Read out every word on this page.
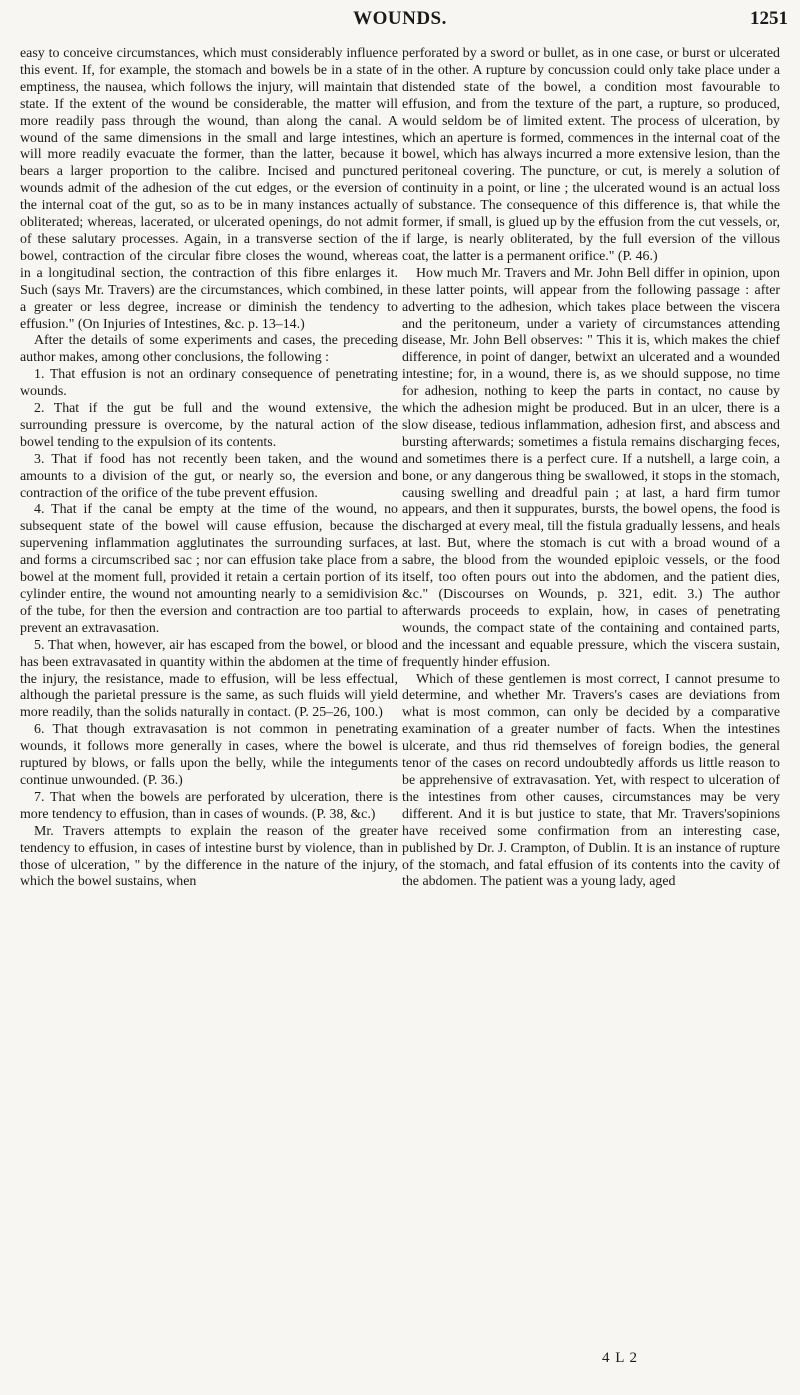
WOUNDS.	1251

easy to conceive circumstances, which must considerably influence this event. If, for example, the stomach and bowels be in a state of emptiness, the nausea, which follows the injury, will maintain that state. If the extent of the wound be considerable, the matter will more readily pass through the wound, than along the canal. A wound of the same dimensions in the small and large intestines, will more readily evacuate the former, than the latter, because it bears a larger proportion to the calibre. Incised and punctured wounds admit of the adhesion of the cut edges, or the eversion of the internal coat of the gut, so as to be in many instances actually obliterated; whereas, lacerated, or ulcerated openings, do not admit of these salutary processes. Again, in a transverse section of the bowel, contraction of the circular fibre closes the wound, whereas in a longitudinal section, the contraction of this fibre enlarges it. Such (says Mr. Travers) are the circumstances, which combined, in a greater or less degree, increase or diminish the tendency to effusion." (On Injuries of Intestines, &c. p. 13–14.)

After the details of some experiments and cases, the preceding author makes, among other conclusions, the following :

1. That effusion is not an ordinary consequence of penetrating wounds.

2. That if the gut be full and the wound extensive, the surrounding pressure is overcome, by the natural action of the bowel tending to the expulsion of its contents.

3. That if food has not recently been taken, and the wound amounts to a division of the gut, or nearly so, the eversion and contraction of the orifice of the tube prevent effusion.

4. That if the canal be empty at the time of the wound, no subsequent state of the bowel will cause effusion, because the supervening inflammation agglutinates the surrounding surfaces, and forms a circumscribed sac ; nor can effusion take place from a bowel at the moment full, provided it retain a certain portion of its cylinder entire, the wound not amounting nearly to a semidivision of the tube, for then the eversion and contraction are too partial to prevent an extravasation.

5. That when, however, air has escaped from the bowel, or blood has been extravasated in quantity within the abdomen at the time of the injury, the resistance, made to effusion, will be less effectual, although the parietal pressure is the same, as such fluids will yield more readily, than the solids naturally in contact. (P. 25–26, 100.)

6. That though extravasation is not common in penetrating wounds, it follows more generally in cases, where the bowel is ruptured by blows, or falls upon the belly, while the integuments continue unwounded. (P. 36.)

7. That when the bowels are perforated by ulceration, there is more tendency to effusion, than in cases of wounds. (P. 38, &c.)

Mr. Travers attempts to explain the reason of the greater tendency to effusion, in cases of intestine burst by violence, than in those of ulceration, " by the difference in the nature of the injury, which the bowel sustains, when

perforated by a sword or bullet, as in one case, or burst or ulcerated in the other. A rupture by concussion could only take place under a distended state of the bowel, a condition most favourable to effusion, and from the texture of the part, a rupture, so produced, would seldom be of limited extent. The process of ulceration, by which an aperture is formed, commences in the internal coat of the bowel, which has always incurred a more extensive lesion, than the peritoneal covering. The puncture, or cut, is merely a solution of continuity in a point, or line ; the ulcerated wound is an actual loss of substance. The consequence of this difference is, that while the former, if small, is glued up by the effusion from the cut vessels, or, if large, is nearly obliterated, by the full eversion of the villous coat, the latter is a permanent orifice." (P. 46.)

How much Mr. Travers and Mr. John Bell differ in opinion, upon these latter points, will appear from the following passage : after adverting to the adhesion, which takes place between the viscera and the peritoneum, under a variety of circumstances attending disease, Mr. John Bell observes: " This it is, which makes the chief difference, in point of danger, betwixt an ulcerated and a wounded intestine; for, in a wound, there is, as we should suppose, no time for adhesion, nothing to keep the parts in contact, no cause by which the adhesion might be produced. But in an ulcer, there is a slow disease, tedious inflammation, adhesion first, and abscess and bursting afterwards; sometimes a fistula remains discharging feces, and sometimes there is a perfect cure. If a nutshell, a large coin, a bone, or any dangerous thing be swallowed, it stops in the stomach, causing swelling and dreadful pain ; at last, a hard firm tumor appears, and then it suppurates, bursts, the bowel opens, the food is discharged at every meal, till the fistula gradually lessens, and heals at last. But, where the stomach is cut with a broad wound of a sabre, the blood from the wounded epiploic vessels, or the food itself, too often pours out into the abdomen, and the patient dies, &c." (Discourses on Wounds, p. 321, edit. 3.) The author afterwards proceeds to explain, how, in cases of penetrating wounds, the compact state of the containing and contained parts, and the incessant and equable pressure, which the viscera sustain, frequently hinder effusion.

Which of these gentlemen is most correct, I cannot presume to determine, and whether Mr. Travers's cases are deviations from what is most common, can only be decided by a comparative examination of a greater number of facts. When the intestines ulcerate, and thus rid themselves of foreign bodies, the general tenor of the cases on record undoubtedly affords us little reason to be apprehensive of extravasation. Yet, with respect to ulceration of the intestines from other causes, circumstances may be very different. And it is but justice to state, that Mr. Travers'sopinions have received some confirmation from an interesting case, published by Dr. J. Crampton, of Dublin. It is an instance of rupture of the stomach, and fatal effusion of its contents into the cavity of the abdomen. The patient was a young lady, aged

4 L 2
